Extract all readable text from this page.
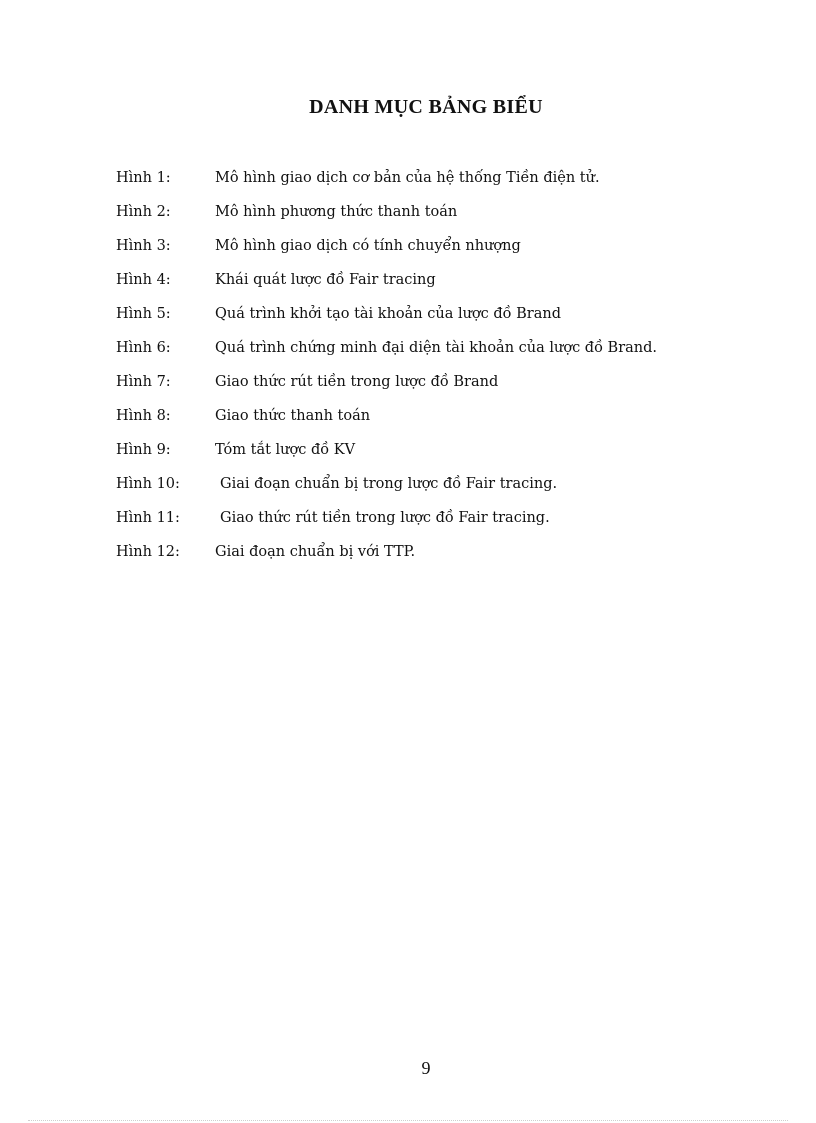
DANH MỤC BẢNG BIỂU
Hình 1:	Mô hình giao dịch cơ bản của hệ thống Tiền điện tử.
Hình 2:	Mô hình phương thức thanh toán
Hình 3:	Mô hình giao dịch có tính chuyển nhượng
Hình 4:	Khái quát lược đồ Fair tracing
Hình 5:	Quá trình khởi tạo tài khoản của lược đồ Brand
Hình 6:	Quá trình chứng minh đại diện tài khoản của lược đồ Brand.
Hình 7:	Giao thức rút tiền trong lược đồ Brand
Hình 8:	Giao thức thanh toán
Hình 9:	Tóm tắt lược đồ KV
Hình 10:	Giai đoạn chuẩn bị trong lược đồ Fair tracing.
Hình 11:	Giao thức rút tiền trong lược đồ Fair tracing.
Hình 12: Giai đoạn chuẩn bị với TTP.
9
